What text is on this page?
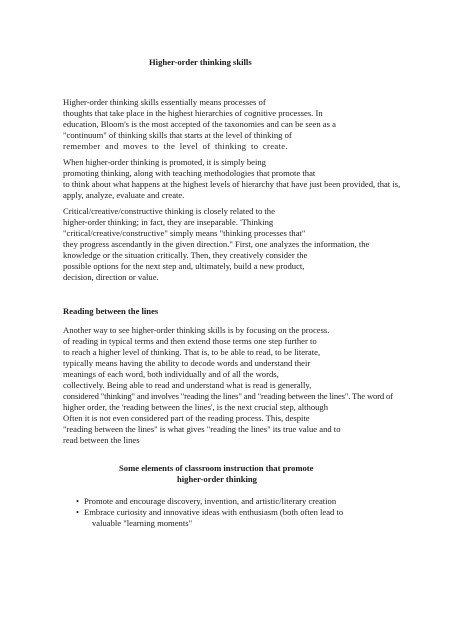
Higher-order thinking skills
Higher-order thinking skills essentially means processes of
thoughts that take place in the highest hierarchies of cognitive processes. In
education, Bloom's is the most accepted of the taxonomies and can be seen as a
"continuum" of thinking skills that starts at the level of thinking of
remember and moves to the level of thinking to create.
When higher-order thinking is promoted, it is simply being
promoting thinking, along with teaching methodologies that promote that
to think about what happens at the highest levels of hierarchy that have just been provided, that is,
apply, analyze, evaluate and create.
Critical/creative/constructive thinking is closely related to the
higher-order thinking; in fact, they are inseparable. 'Thinking
"critical/creative/constructive" simply means "thinking processes that"
they progress ascendantly in the given direction." First, one analyzes the information, the
knowledge or the situation critically. Then, they creatively consider the
possible options for the next step and, ultimately, build a new product,
decision, direction or value.
Reading between the lines
Another way to see higher-order thinking skills is by focusing on the process.
of reading in typical terms and then extend those terms one step further to
to reach a higher level of thinking. That is, to be able to read, to be literate,
typically means having the ability to decode words and understand their
meanings of each word, both individually and of all the words,
collectively. Being able to read and understand what is read is generally,
considered "thinking" and involves "reading the lines" and "reading between the lines". The word of
higher order, the 'reading between the lines', is the next crucial step, although
Often it is not even considered part of the reading process. This, despite
"reading between the lines" is what gives "reading the lines" its true value and to
read between the lines
Some elements of classroom instruction that promote
higher-order thinking
• Promote and encourage discovery, invention, and artistic/literary creation
• Embrace curiosity and innovative ideas with enthusiasm (both often lead to
valuable "learning moments"
